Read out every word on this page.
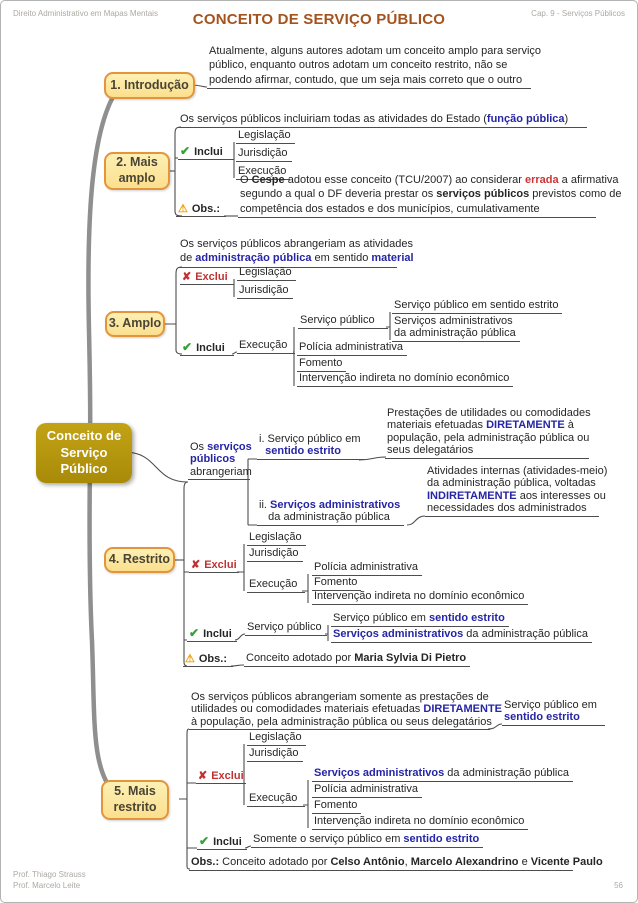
Direito Administrativo em Mapas Mentais	CONCEITO DE SERVIÇO PÚBLICO	Cap. 9 - Serviços Públicos
Conceito de Serviço Público
1. Introdução
2. Mais amplo
3. Amplo
4. Restrito
5. Mais restrito
Atualmente, alguns autores adotam um conceito amplo para serviço
público, enquanto outros adotam um conceito restrito, não se
podendo afirmar, contudo, que um seja mais correto que o outro
Os serviços públicos incluiriam todas as atividades do Estado (função pública)
✔ Inclui
Legislação
Jurisdição
Execução
⚠ Obs.:
O Cespe adotou esse conceito (TCU/2007) ao considerar errada a afirmativa
segundo a qual o DF deveria prestar os serviços públicos previstos como de
competência dos estados e dos municípios, cumulativamente
Os serviços públicos abrangeriam as atividades
de administração pública em sentido material
✘ Exclui Legislação
Jurisdição
✔ Inclui Execução
Serviço público
Serviço público em sentido estrito
Serviços administrativos
da administração pública
Polícia administrativa
Fomento
Intervenção indireta no domínio econômico
Os serviços
públicos
abrangeriam
i. Serviço público em
sentido estrito
Prestações de utilidades ou comodidades
materiais efetuadas DIRETAMENTE à
população, pela administração pública ou
seus delegatários
ii. Serviços administrativos
da administração pública
Atividades internas (atividades-meio)
da administração pública, voltadas
INDIRETAMENTE aos interesses ou
necessidades dos administrados
✘ Exclui
Legislação
Jurisdição
Execução
Polícia administrativa
Fomento
Intervenção indireta no domínio econômico
✔ Inclui
Serviço público
Serviço público em sentido estrito
Serviços administrativos da administração pública
⚠ Obs.: Conceito adotado por Maria Sylvia Di Pietro
Os serviços públicos abrangeriam somente as prestações de
utilidades ou comodidades materiais efetuadas DIRETAMENTE
à população, pela administração pública ou seus delegatários
Serviço público em
sentido estrito
✘ Exclui
Legislação
Jurisdição
Execução
Serviços administrativos da administração pública
Polícia administrativa
Fomento
Intervenção indireta no domínio econômico
✔ Inclui Somente o serviço público em sentido estrito
Obs.: Conceito adotado por Celso Antônio, Marcelo Alexandrino e Vicente Paulo
Prof. Thiago Strauss
Prof. Marcelo Leite	56
